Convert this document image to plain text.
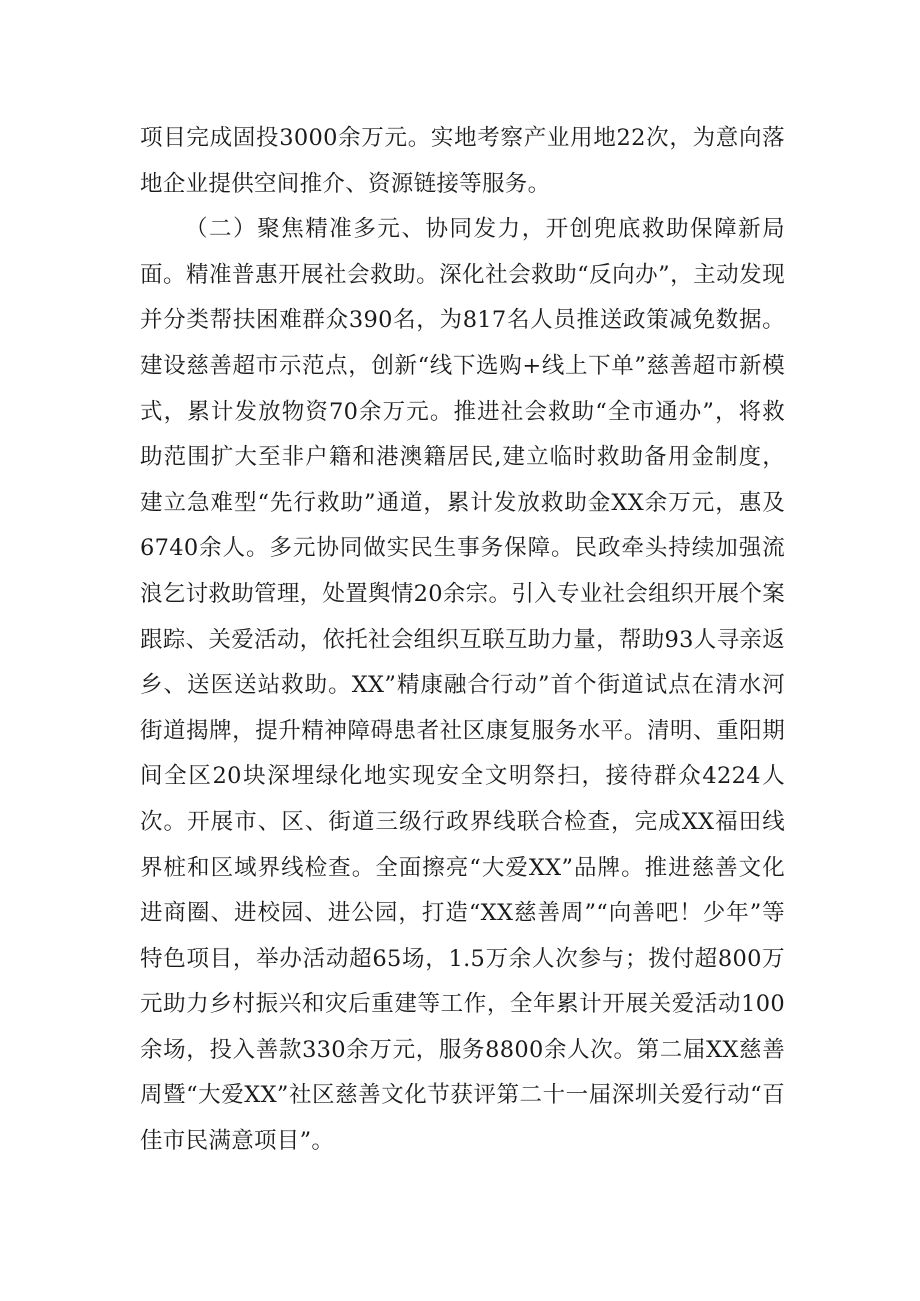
项目完成固投3000余万元。实地考察产业用地22次，为意向落地企业提供空间推介、资源链接等服务。

（二）聚焦精准多元、协同发力，开创兜底救助保障新局面。精准普惠开展社会救助。深化社会救助“反向办”，主动发现并分类帮扶困难群众390名，为817名人员推送政策减免数据。建设慈善超市示范点，创新“线下选购+线上下单”慈善超市新模式，累计发放物资70余万元。推进社会救助“全市通办”，将救助范围扩大至非户籍和港澳籍居民,建立临时救助备用金制度，建立急难型“先行救助”通道，累计发放救助金XX余万元，惠及6740余人。多元协同做实民生事务保障。民政牵头持续加强流浪乞讨救助管理，处置舆情20余宗。引入专业社会组织开展个案跟踪、关爱活动，依托社会组织互联互助力量，帮助93人寻亲返乡、送医送站救助。XX”精康融合行动”首个街道试点在清水河街道揭牌，提升精神障碍患者社区康复服务水平。清明、重阳期间全区20块深埋绿化地实现安全文明祭扫，接待群众4224人次。开展市、区、街道三级行政界线联合检查，完成XX福田线界桩和区域界线检查。全面擦亮“大爱XX”品牌。推进慈善文化进商圈、进校园、进公园，打造“XX慈善周”“向善吧！少年”等特色项目，举办活动超65场，1.5万余人次参与；拨付超800万元助力乡村振兴和灾后重建等工作，全年累计开展关爱活动100余场，投入善款330余万元，服务8800余人次。第二届XX慈善周暨“大爱XX”社区慈善文化节获评第二十一届深圳关爱行动“百佳市民满意项目”。
